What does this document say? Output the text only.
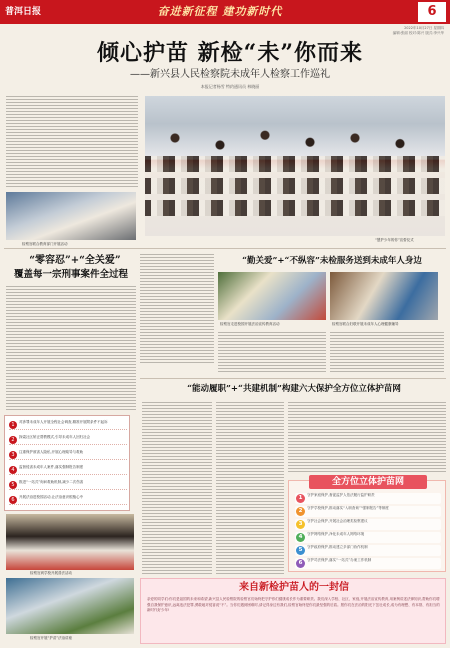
普洱日报	奋进新征程 建功新时代	6
2022年10月27日 星期四
编辑:张丽 校对:陈兴 版式:李兴华
倾心护苗 新检“未”你而来
——新兴县人民检察院未成年人检察工作巡礼
本报记者杨雪 特约通讯员 林晓丽
检察官联合教育部门开展活动
“慧护少年的你”宣誓仪式
“零容忍”+“全关爱”
覆盖每一宗刑事案件全过程
“勤关爱”+“不纵容”未检服务送到未成年人身边
检察官走进校园开展法治宣传教育活动	检察官联合妇联开展未成年人心理健康辅导
“能动履职”+“共建机制”构建六大保护全方位立体护苗网
1	对涉罪未成年人开展全程社会调查,精准开展附条件不起诉
2	探索社区矫正帮教模式,引导未成年人回归社会
3	注重保护被害人隐私,开展心理疏导与救助
4	监督侵害未成年人案件,落实强制报告制度
5	推进“一站式”询问救助机制,减少二次伤害
6	开展法治进校园活动,让法治意识根植心中
检察官到学校开展普法活动
检察官开展“护苗”法治讲座
全方位立体护苗网
1	守护家庭保护,督促监护人依法履行监护职责
2	守护学校保护,推动落实“入职查询”“强制报告”等制度
3	守护社会保护,开展社会治理类检察建议
4	守护网络保护,净化未成年人网络环境
5	守护政府保护,推动建立多部门协作机制
6	守护司法保护,落实“一站式”办案工作机制
来自新检护苗人的一封信
亲爱的同学们:你们是祖国的未来和希望,新兴县人民检察院的检察官们始终把守护你们健康成长作为重要职责。我们深入学校、社区、家庭,开展法治宣传教育,用案例讲述法律知识,帮助你们增强自我保护意识,远离违法犯罪,勇敢地对侵害说“不”。当你们遇到困难时,请记得身边有我们,检察官始终是你们最坚强的后盾。愿你们在法治的阳光下茁壮成长,成为有理想、有本领、有担当的新时代好少年!
